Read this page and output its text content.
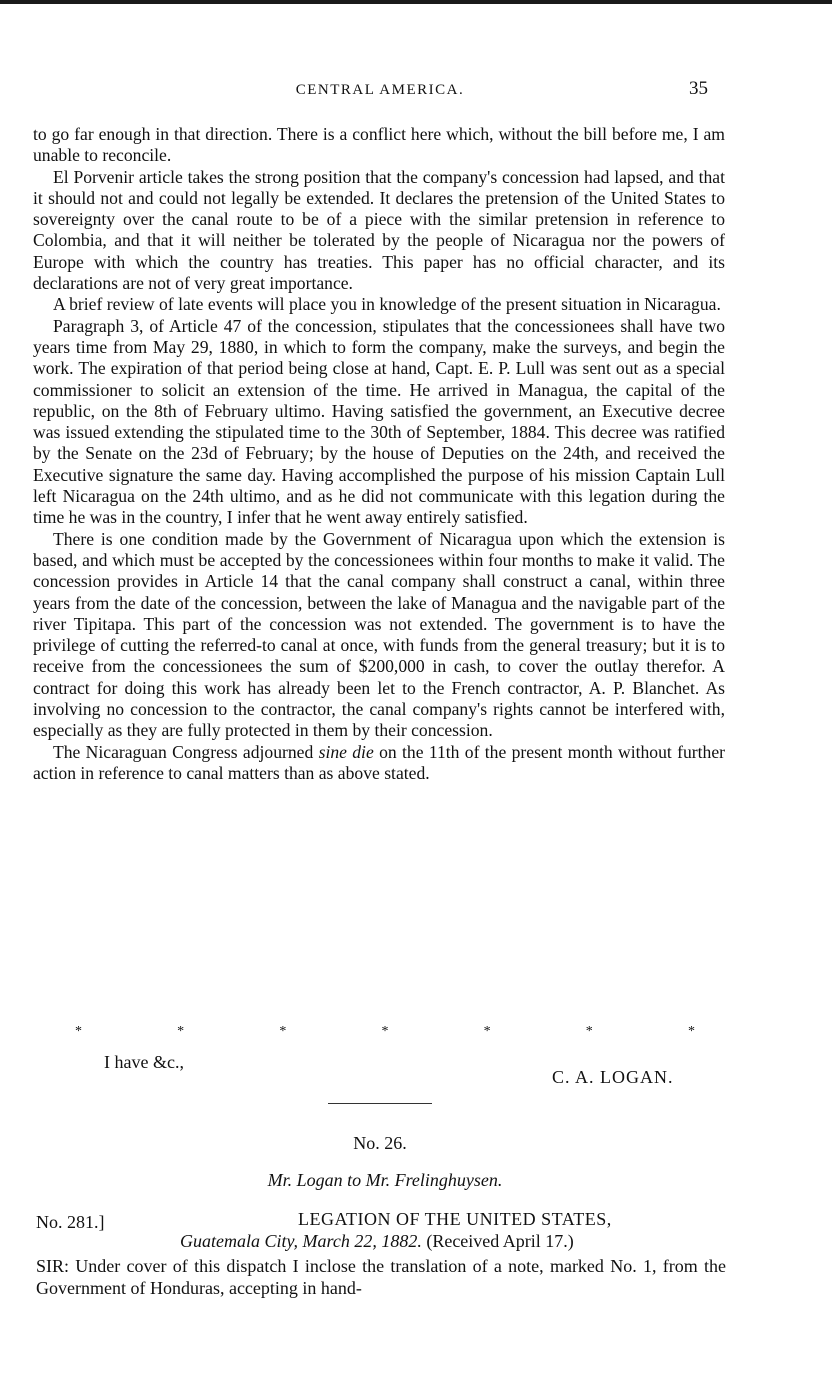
CENTRAL AMERICA.	35

to go far enough in that direction. There is a conflict here which, without the bill before me, I am unable to reconcile.

El Porvenir article takes the strong position that the company's concession had lapsed, and that it should not and could not legally be extended. It declares the pretension of the United States to sovereignty over the canal route to be of a piece with the similar pretension in reference to Colombia, and that it will neither be tolerated by the people of Nicaragua nor the powers of Europe with which the country has treaties. This paper has no official character, and its declarations are not of very great importance.

A brief review of late events will place you in knowledge of the present situation in Nicaragua.

Paragraph 3, of Article 47 of the concession, stipulates that the concessionees shall have two years time from May 29, 1880, in which to form the company, make the surveys, and begin the work. The expiration of that period being close at hand, Capt. E. P. Lull was sent out as a special commissioner to solicit an extension of the time. He arrived in Managua, the capital of the republic, on the 8th of February ultimo. Having satisfied the government, an Executive decree was issued extending the stipulated time to the 30th of September, 1884. This decree was ratified by the Senate on the 23d of February; by the house of Deputies on the 24th, and received the Executive signature the same day. Having accomplished the purpose of his mission Captain Lull left Nicaragua on the 24th ultimo, and as he did not communicate with this legation during the time he was in the country, I infer that he went away entirely satisfied.

There is one condition made by the Government of Nicaragua upon which the extension is based, and which must be accepted by the concessionees within four months to make it valid. The concession provides in Article 14 that the canal company shall construct a canal, within three years from the date of the concession, between the lake of Managua and the navigable part of the river Tipitapa. This part of the concession was not extended. The government is to have the privilege of cutting the referred-to canal at once, with funds from the general treasury; but it is to receive from the concessionees the sum of $200,000 in cash, to cover the outlay therefor. A contract for doing this work has already been let to the French contractor, A. P. Blanchet. As involving no concession to the contractor, the canal company's rights cannot be interfered with, especially as they are fully protected in them by their concession.

The Nicaraguan Congress adjourned sine die on the 11th of the present month without further action in reference to canal matters than as above stated.

*	*	*	*	*	*	*
I have &c.,
C. A. LOGAN.
No. 26.
Mr. Logan to Mr. Frelinghuysen.
No. 281.]	LEGATION OF THE UNITED STATES,
Guatemala City, March 22, 1882. (Received April 17.)
SIR: Under cover of this dispatch I inclose the translation of a note, marked No. 1, from the Government of Honduras, accepting in hand-
